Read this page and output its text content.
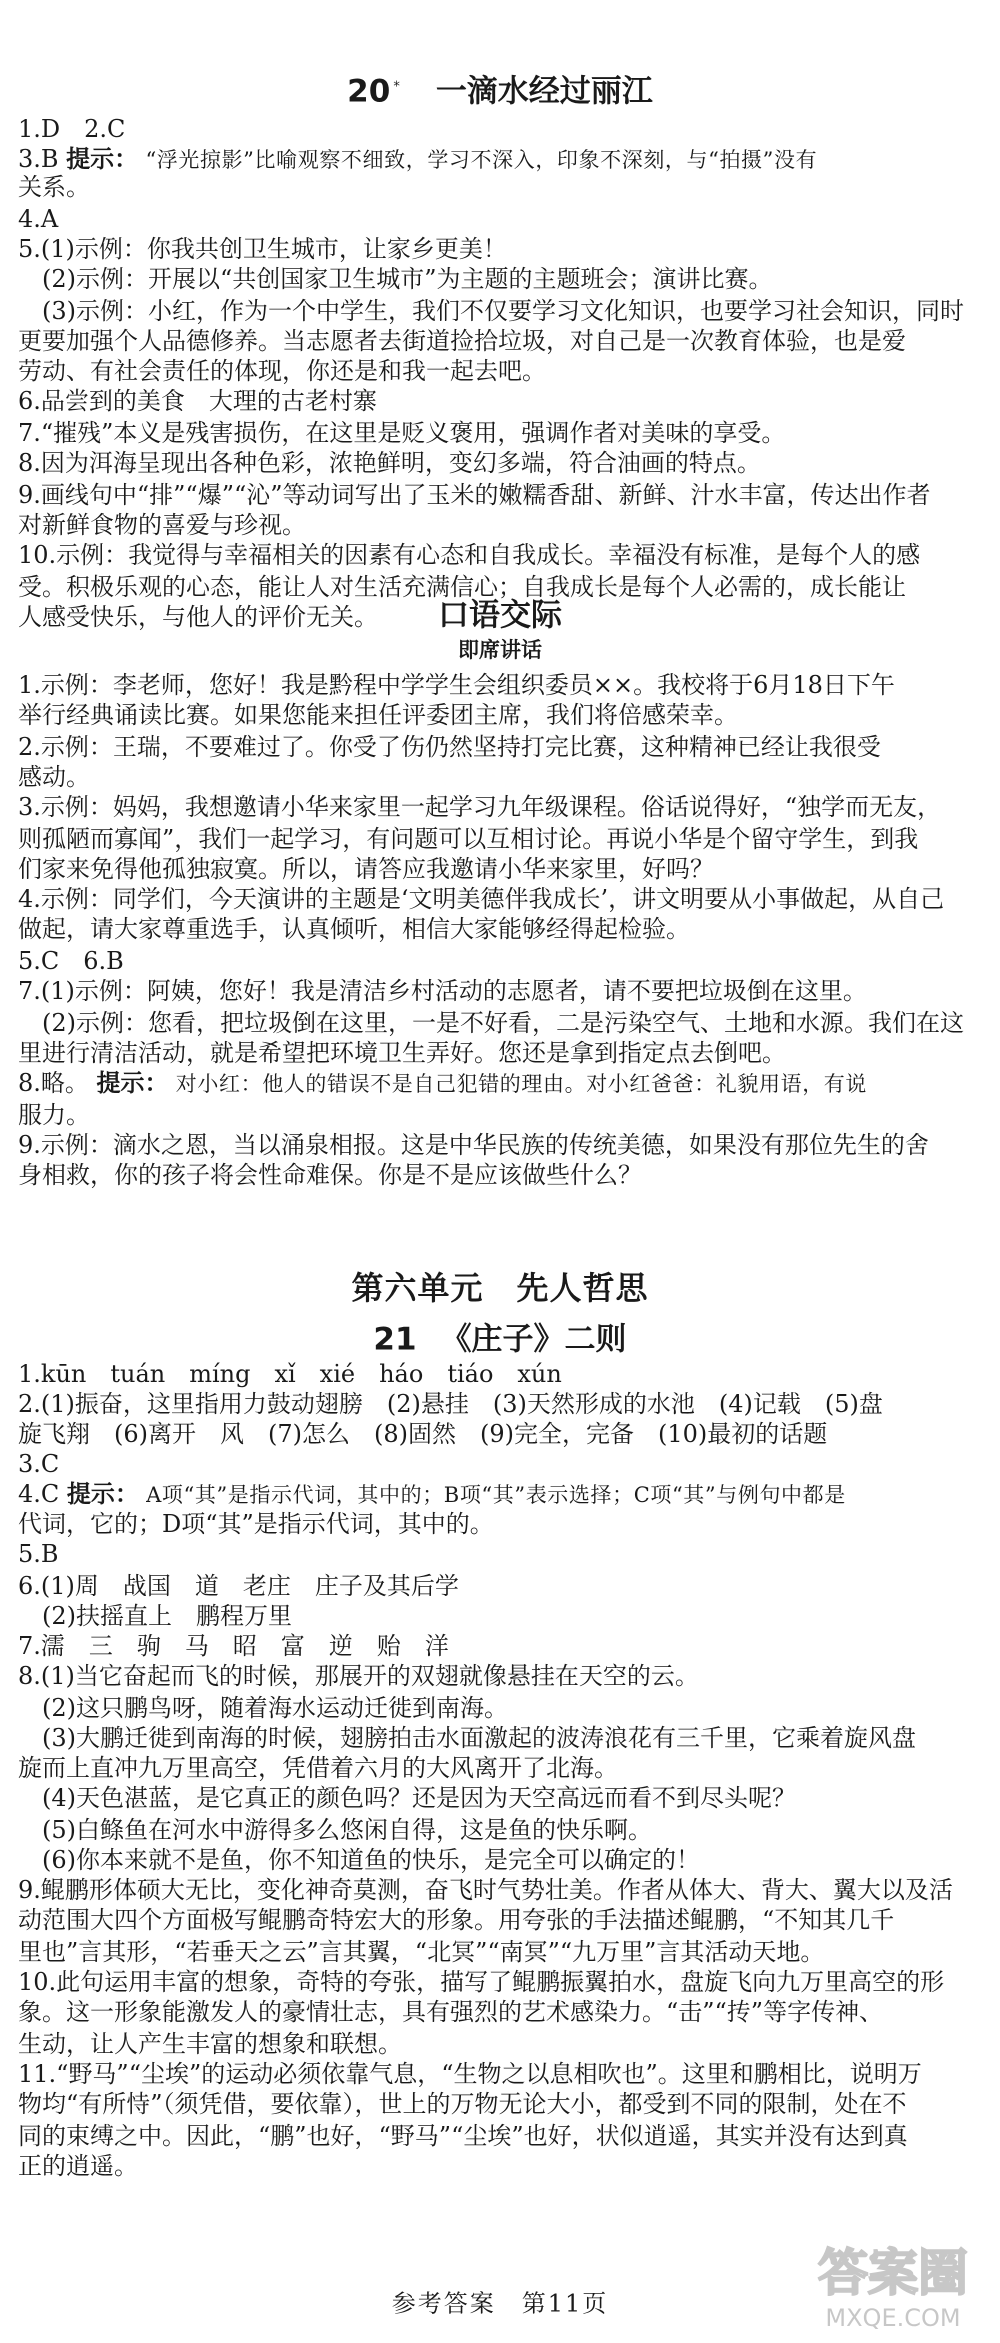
20 * 一滴水经过丽江
1.D　2.C
3.B 提示： “浮光掠影”比喻观察不细致，学习不深入，印象不深刻，与“拍摄”没有
关系。
4.A
5.(1)示例：你我共创卫生城市，让家乡更美！
　(2)示例：开展以“共创国家卫生城市”为主题的主题班会；演讲比赛。
　(3)示例：小红，作为一个中学生，我们不仅要学习文化知识，也要学习社会知识，同时
更要加强个人品德修养。当志愿者去街道捡拾垃圾，对自己是一次教育体验，也是爱
劳动、有社会责任的体现，你还是和我一起去吧。
6.品尝到的美食　大理的古老村寨
7.“摧残”本义是残害损伤，在这里是贬义褒用，强调作者对美味的享受。
8.因为洱海呈现出各种色彩，浓艳鲜明，变幻多端，符合油画的特点。
9.画线句中“排”“爆”“沁”等动词写出了玉米的嫩糯香甜、新鲜、汁水丰富，传达出作者
对新鲜食物的喜爱与珍视。
10.示例：我觉得与幸福相关的因素有心态和自我成长。幸福没有标准，是每个人的感
受。积极乐观的心态，能让人对生活充满信心；自我成长是每个人必需的，成长能让
人感受快乐，与他人的评价无关。	口语交际
即席讲话
1.示例：李老师，您好！我是黔程中学学生会组织委员××。我校将于6月18日下午
举行经典诵读比赛。如果您能来担任评委团主席，我们将倍感荣幸。
2.示例：王瑞，不要难过了。你受了伤仍然坚持打完比赛，这种精神已经让我很受
感动。
3.示例：妈妈，我想邀请小华来家里一起学习九年级课程。俗话说得好，“独学而无友，
则孤陋而寡闻”，我们一起学习，有问题可以互相讨论。再说小华是个留守学生，到我
们家来免得他孤独寂寞。所以，请答应我邀请小华来家里，好吗？
4.示例：同学们，今天演讲的主题是‘文明美德伴我成长’，讲文明要从小事做起，从自己
做起，请大家尊重选手，认真倾听，相信大家能够经得起检验。
5.C　6.B
7.(1)示例：阿姨，您好！我是清洁乡村活动的志愿者，请不要把垃圾倒在这里。
　(2)示例：您看，把垃圾倒在这里，一是不好看，二是污染空气、土地和水源。我们在这
里进行清洁活动，就是希望把环境卫生弄好。您还是拿到指定点去倒吧。
8.略。 提示： 对小红：他人的错误不是自己犯错的理由。对小红爸爸：礼貌用语，有说
服力。
9.示例：滴水之恩，当以涌泉相报。这是中华民族的传统美德，如果没有那位先生的舍
身相救，你的孩子将会性命难保。你是不是应该做些什么？
第六单元　先人哲思
21 《庄子》二则
1.kūn　tuán　míng　xǐ　xié　háo　tiáo　xún
2.(1)振奋，这里指用力鼓动翅膀　(2)悬挂　(3)天然形成的水池　(4)记载　(5)盘
旋飞翔　(6)离开　风　(7)怎么　(8)固然　(9)完全，完备　(10)最初的话题
3.C
4.C 提示： A项“其”是指示代词，其中的；B项“其”表示选择；C项“其”与例句中都是
代词，它的；D项“其”是指示代词，其中的。
5.B
6.(1)周　战国　道　老庄　庄子及其后学
　(2)扶摇直上　鹏程万里
7.濡　三　驹　马　昭　富　逆　贻　洋
8.(1)当它奋起而飞的时候，那展开的双翅就像悬挂在天空的云。
　(2)这只鹏鸟呀，随着海水运动迁徙到南海。
　(3)大鹏迁徙到南海的时候，翅膀拍击水面激起的波涛浪花有三千里，它乘着旋风盘
旋而上直冲九万里高空，凭借着六月的大风离开了北海。
　(4)天色湛蓝，是它真正的颜色吗？还是因为天空高远而看不到尽头呢？
　(5)白鲦鱼在河水中游得多么悠闲自得，这是鱼的快乐啊。
　(6)你本来就不是鱼，你不知道鱼的快乐，是完全可以确定的！
9.鲲鹏形体硕大无比，变化神奇莫测，奋飞时气势壮美。作者从体大、背大、翼大以及活
动范围大四个方面极写鲲鹏奇特宏大的形象。用夸张的手法描述鲲鹏，“不知其几千
里也”言其形，“若垂天之云”言其翼，“北冥”“南冥”“九万里”言其活动天地。
10.此句运用丰富的想象，奇特的夸张，描写了鲲鹏振翼拍水，盘旋飞向九万里高空的形
象。这一形象能激发人的豪情壮志，具有强烈的艺术感染力。“击”“抟”等字传神、
生动，让人产生丰富的想象和联想。
11.“野马”“尘埃”的运动必须依靠气息，“生物之以息相吹也”。这里和鹏相比，说明万
物均“有所恃”（须凭借，要依靠），世上的万物无论大小，都受到不同的限制，处在不
同的束缚之中。因此，“鹏”也好，“野马”“尘埃”也好，状似逍遥，其实并没有达到真
正的逍遥。
参考答案　第11页
答案圈
MXQE.COM
